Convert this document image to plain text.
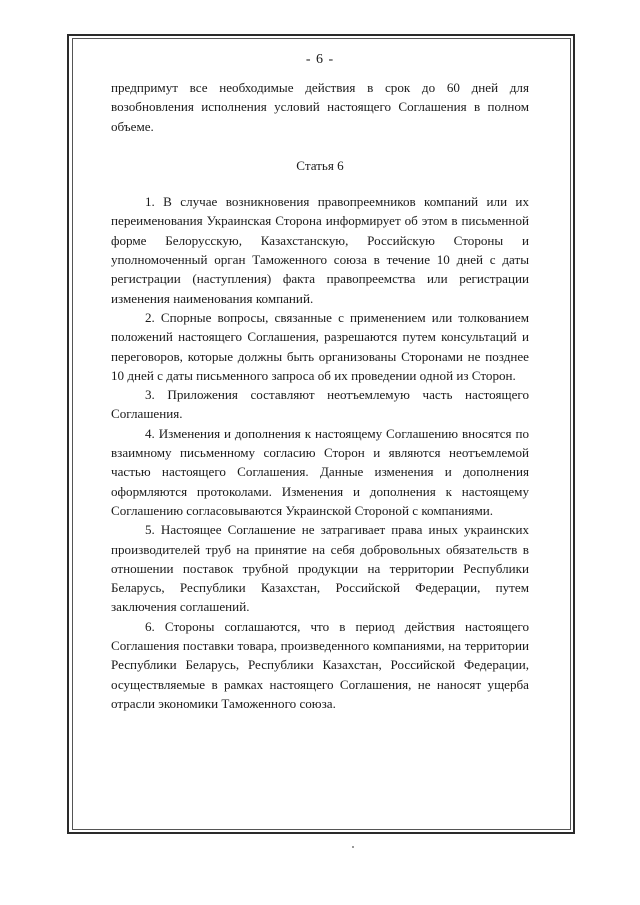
- 6 -

предпримут все необходимые действия в срок до 60 дней для возобновления исполнения условий настоящего Соглашения в полном объеме.

Статья 6

1. В случае возникновения правопреемников компаний или их переименования Украинская Сторона информирует об этом в письменной форме Белорусскую, Казахстанскую, Российскую Стороны и уполномоченный орган Таможенного союза в течение 10 дней с даты регистрации (наступления) факта правопреемства или регистрации изменения наименования компаний.

2. Спорные вопросы, связанные с применением или толкованием положений настоящего Соглашения, разрешаются путем консультаций и переговоров, которые должны быть организованы Сторонами не позднее 10 дней с даты письменного запроса об их проведении одной из Сторон.

3. Приложения составляют неотъемлемую часть настоящего Соглашения.

4. Изменения и дополнения к настоящему Соглашению вносятся по взаимному письменному согласию Сторон и являются неотъемлемой частью настоящего Соглашения. Данные изменения и дополнения оформляются протоколами. Изменения и дополнения к настоящему Соглашению согласовываются Украинской Стороной с компаниями.

5. Настоящее Соглашение не затрагивает права иных украинских производителей труб на принятие на себя добровольных обязательств в отношении поставок трубной продукции на территории Республики Беларусь, Республики Казахстан, Российской Федерации, путем заключения соглашений.

6. Стороны соглашаются, что в период действия настоящего Соглашения поставки товара, произведенного компаниями, на территории Республики Беларусь, Республики Казахстан, Российской Федерации, осуществляемые в рамках настоящего Соглашения, не наносят ущерба отрасли экономики Таможенного союза.
